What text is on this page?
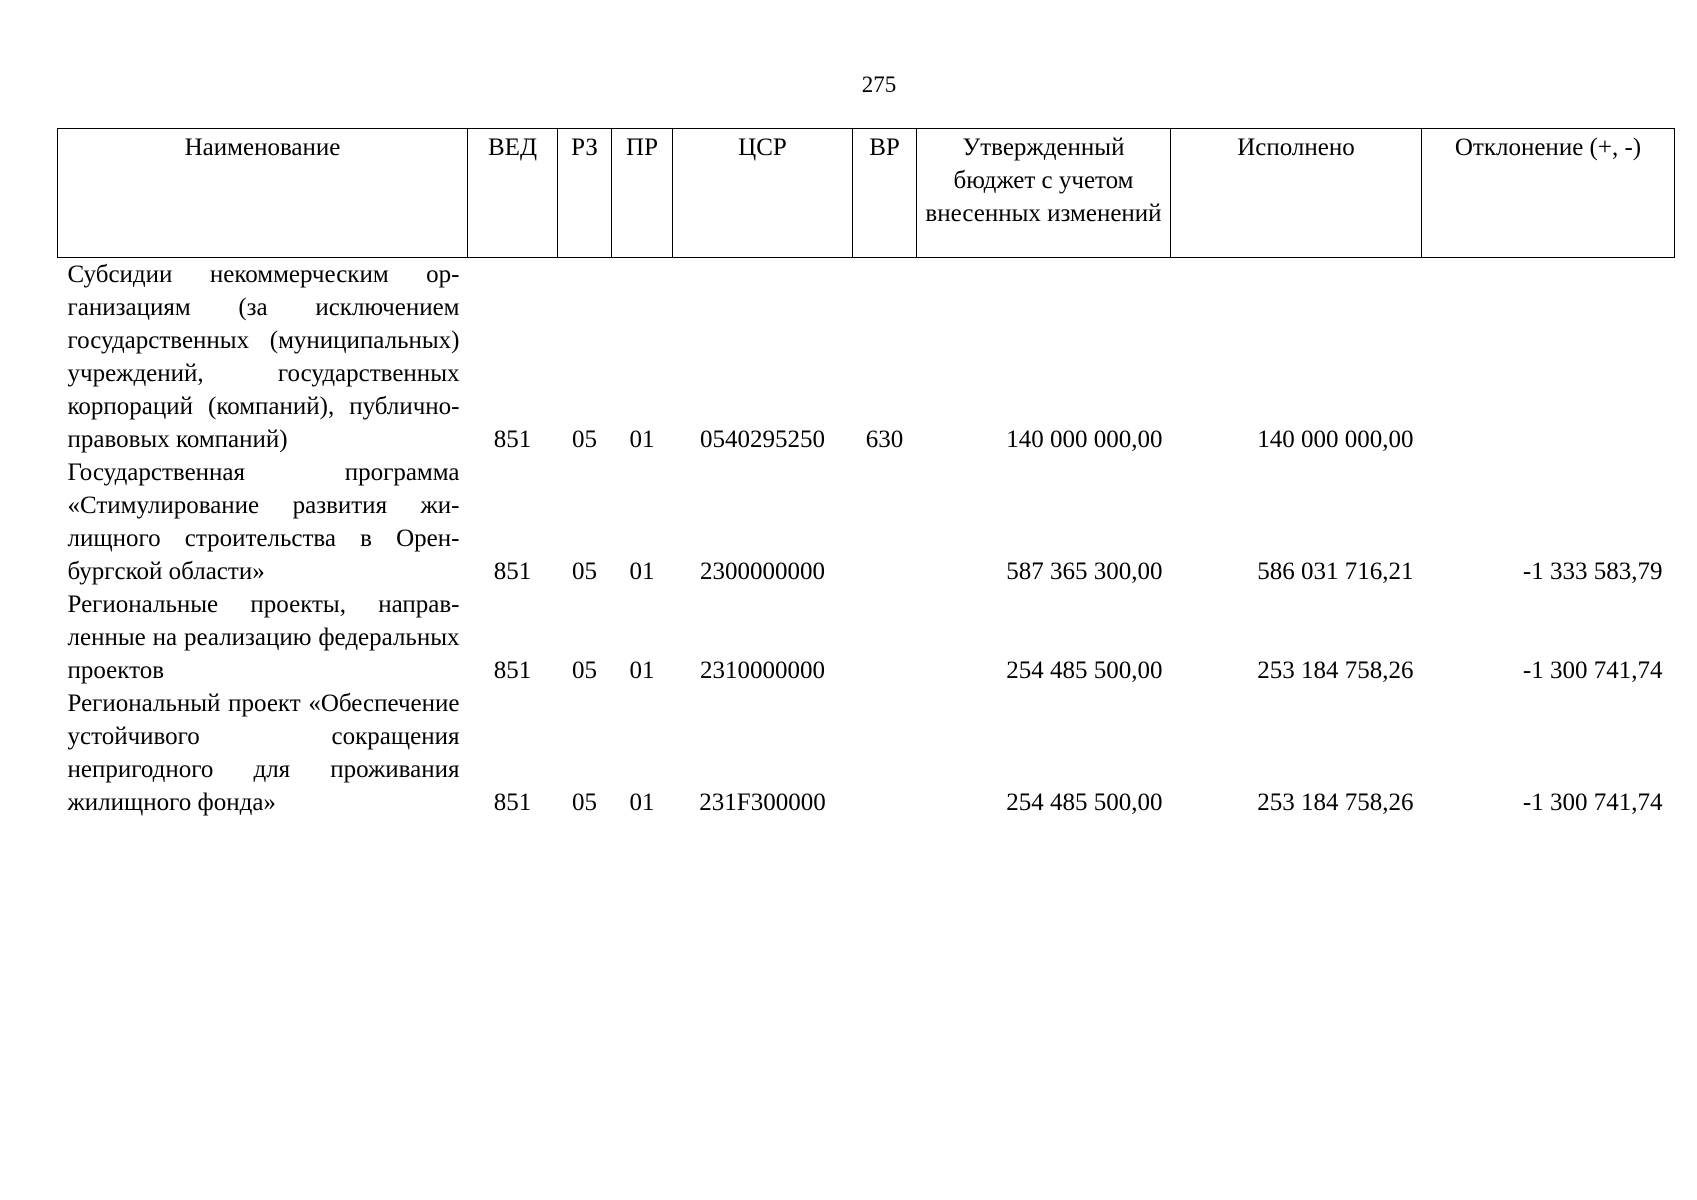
275
Наименование	ВЕД	РЗ	ПР	ЦСР	ВР	Утвержденный бюджет с учетом внесенных изменений	Исполнено	Отклонение (+, -)
Субсидии некоммерческим организациям (за исключением государственных (муниципальных) учреждений, государственных корпораций (компаний), публично-правовых компаний)	851	05	01	0540295250	630	140 000 000,00	140 000 000,00	
Государственная программа «Стимулирование развития жилищного строительства в Оренбургской области»	851	05	01	2300000000		587 365 300,00	586 031 716,21	-1 333 583,79
Региональные проекты, направленные на реализацию федеральных проектов	851	05	01	2310000000		254 485 500,00	253 184 758,26	-1 300 741,74
Региональный проект «Обеспечение устойчивого сокращения непригодного для проживания жилищного фонда»	851	05	01	231F300000		254 485 500,00	253 184 758,26	-1 300 741,74
